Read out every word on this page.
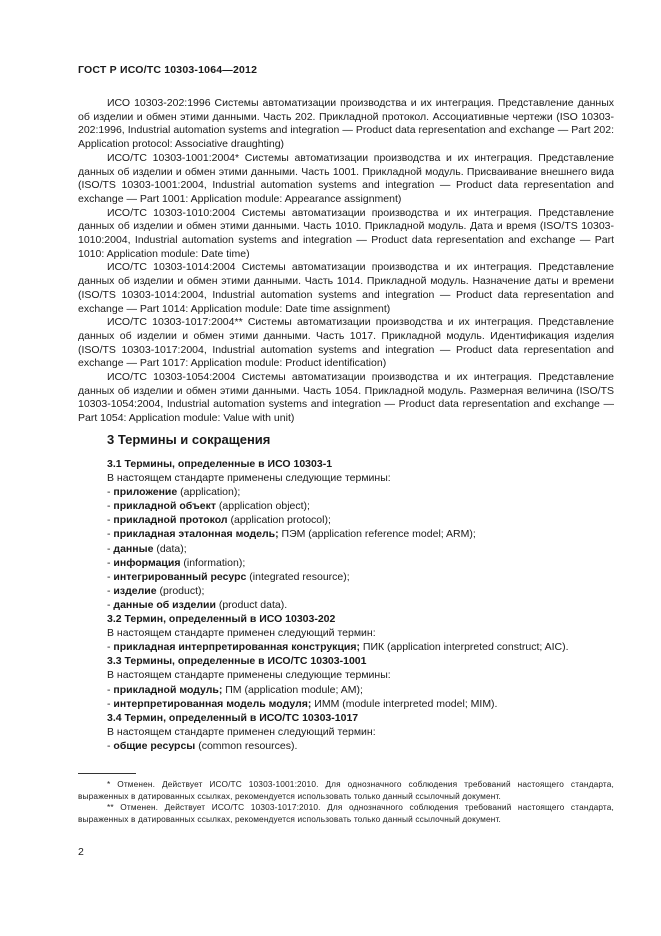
ГОСТ Р ИСО/ТС 10303-1064—2012

ИСО 10303-202:1996 Системы автоматизации производства и их интеграция. Представление данных об изделии и обмен этими данными. Часть 202. Прикладной протокол. Ассоциативные чертежи (ISO 10303-202:1996, Industrial automation systems and integration — Product data representation and exchange — Part 202: Application protocol: Associative draughting)

ИСО/ТС 10303-1001:2004* Системы автоматизации производства и их интеграция. Представление данных об изделии и обмен этими данными. Часть 1001. Прикладной модуль. Присваивание внешнего вида (ISO/TS 10303-1001:2004, Industrial automation systems and integration — Product data representation and exchange — Part 1001: Application module: Appearance assignment)

ИСО/ТС 10303-1010:2004 Системы автоматизации производства и их интеграция. Представление данных об изделии и обмен этими данными. Часть 1010. Прикладной модуль. Дата и время (ISO/TS 10303-1010:2004, Industrial automation systems and integration — Product data representation and exchange — Part 1010: Application module: Date time)

ИСО/ТС 10303-1014:2004 Системы автоматизации производства и их интеграция. Представление данных об изделии и обмен этими данными. Часть 1014. Прикладной модуль. Назначение даты и времени (ISO/TS 10303-1014:2004, Industrial automation systems and integration — Product data representation and exchange — Part 1014: Application module: Date time assignment)

ИСО/ТС 10303-1017:2004** Системы автоматизации производства и их интеграция. Представление данных об изделии и обмен этими данными. Часть 1017. Прикладной модуль. Идентификация изделия (ISO/TS 10303-1017:2004, Industrial automation systems and integration — Product data representation and exchange — Part 1017: Application module: Product identification)

ИСО/ТС 10303-1054:2004 Системы автоматизации производства и их интеграция. Представление данных об изделии и обмен этими данными. Часть 1054. Прикладной модуль. Размерная величина (ISO/TS 10303-1054:2004, Industrial automation systems and integration — Product data representation and exchange — Part 1054: Application module: Value with unit)

3 Термины и сокращения
3.1 Термины, определенные в ИСО 10303-1
В настоящем стандарте применены следующие термины:
- приложение (application);
- прикладной объект (application object);
- прикладной протокол (application protocol);
- прикладная эталонная модель; ПЭМ (application reference model; ARM);
- данные (data);
- информация (information);
- интегрированный ресурс (integrated resource);
- изделие (product);
- данные об изделии (product data).
3.2 Термин, определенный в ИСО 10303-202
В настоящем стандарте применен следующий термин:
- прикладная интерпретированная конструкция; ПИК (application interpreted construct; AIC).
3.3 Термины, определенные в ИСО/ТС 10303-1001
В настоящем стандарте применены следующие термины:
- прикладной модуль; ПМ (application module; AM);
- интерпретированная модель модуля; ИММ (module interpreted model; MIM).
3.4 Термин, определенный в ИСО/ТС 10303-1017
В настоящем стандарте применен следующий термин:
- общие ресурсы (common resources).

* Отменен. Действует ИСО/ТС 10303-1001:2010. Для однозначного соблюдения требований настоящего стандарта, выраженных в датированных ссылках, рекомендуется использовать только данный ссылочный документ.

** Отменен. Действует ИСО/ТС 10303-1017:2010. Для однозначного соблюдения требований настоящего стандарта, выраженных в датированных ссылках, рекомендуется использовать только данный ссылочный документ.

2
